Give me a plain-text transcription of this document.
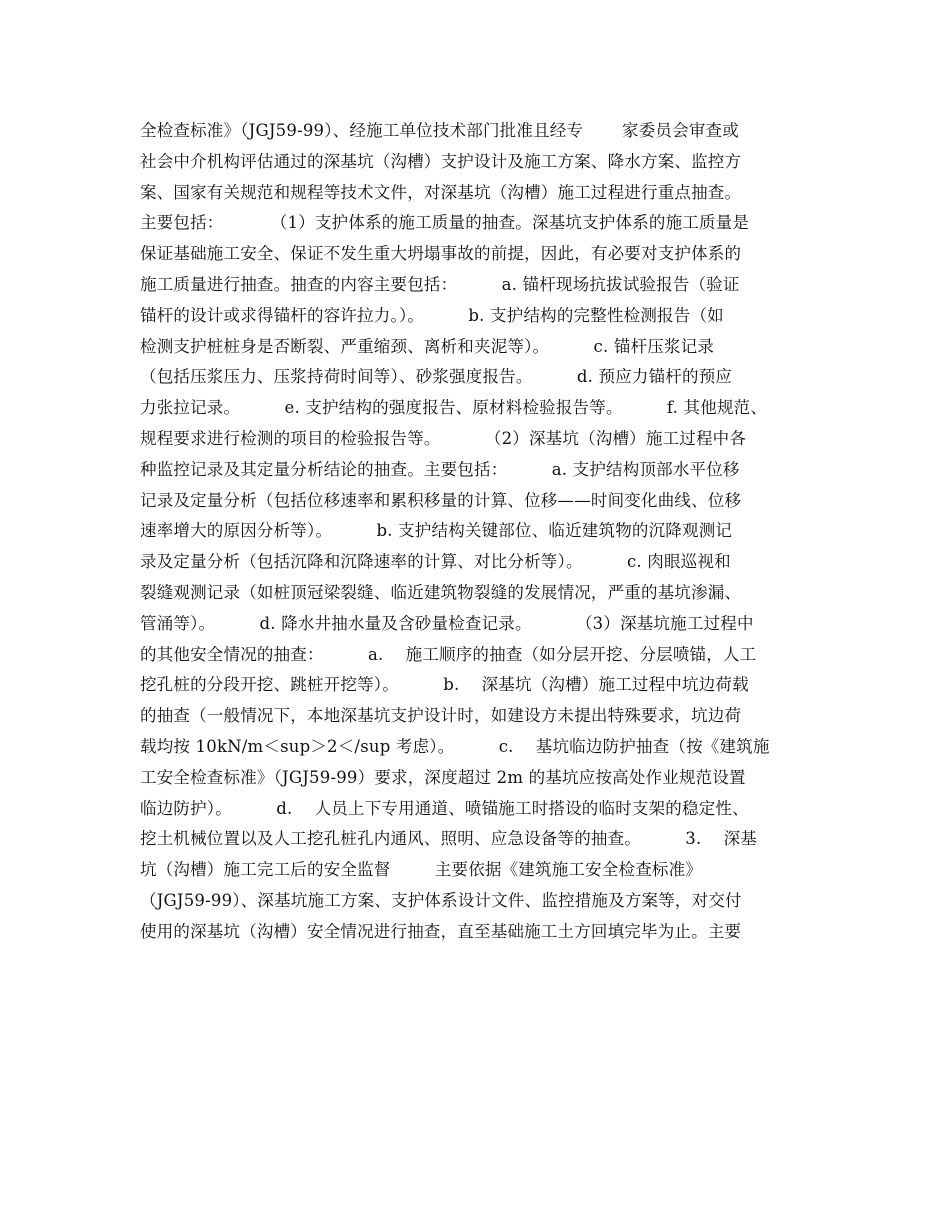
全检查标准》（JGJ59-99）、经施工单位技术部门批准且经专 　　家委员会审查或
社会中介机构评估通过的深基坑（沟槽）支护设计及施工方案、降水方案、监控方
案、国家有关规范和规程等技术文件，对深基坑（沟槽）施工过程进行重点抽查。
主要包括： 　　　（1）支护体系的施工质量的抽查。深基坑支护体系的施工质量是
保证基础施工安全、保证不发生重大坍塌事故的前提，因此，有必要对支护体系的
施工质量进行抽查。抽查的内容主要包括： 　　 a. 锚杆现场抗拔试验报告（验证
锚杆的设计或求得锚杆的容许拉力。）。 　　 b. 支护结构的完整性检测报告（如
检测支护桩桩身是否断裂、严重缩颈、离析和夹泥等）。 　　 c. 锚杆压浆记录
（包括压浆压力、压浆持荷时间等）、砂浆强度报告。 　　 d. 预应力锚杆的预应
力张拉记录。 　　 e. 支护结构的强度报告、原材料检验报告等。 　　 f. 其他规范、
规程要求进行检测的项目的检验报告等。 　　 （2）深基坑（沟槽）施工过程中各
种监控记录及其定量分析结论的抽查。主要包括： 　　 a. 支护结构顶部水平位移
记录及定量分析（包括位移速率和累积移量的计算、位移——时间变化曲线、位移
速率增大的原因分析等）。 　　 b. 支护结构关键部位、临近建筑物的沉降观测记
录及定量分析（包括沉降和沉降速率的计算、对比分析等）。 　　 c. 肉眼巡视和
裂缝观测记录（如桩顶冠梁裂缝、临近建筑物裂缝的发展情况，严重的基坑渗漏、
管涌等）。 　　 d. 降水井抽水量及含砂量检查记录。 　　 （3）深基坑施工过程中
的其他安全情况的抽查： 　　 a. 　施工顺序的抽查（如分层开挖、分层喷锚，人工
挖孔桩的分段开挖、跳桩开挖等）。 　　 b. 　深基坑（沟槽）施工过程中坑边荷载
的抽查（一般情况下，本地深基坑支护设计时，如建设方未提出特殊要求，坑边荷
载均按 10kN/m＜sup＞2＜/sup 考虑）。 　　 c. 　基坑临边防护抽查（按《建筑施
工安全检查标准》（JGJ59-99）要求，深度超过 2m 的基坑应按高处作业规范设置
临边防护）。 　　 d. 　人员上下专用通道、喷锚施工时搭设的临时支架的稳定性、
挖土机械位置以及人工挖孔桩孔内通风、照明、应急设备等的抽查。 　　 3. 　深基
坑（沟槽）施工完工后的安全监督 　　 主要依据《建筑施工安全检查标准》
（JGJ59-99）、深基坑施工方案、支护体系设计文件、监控措施及方案等，对交付
使用的深基坑（沟槽）安全情况进行抽查，直至基础施工土方回填完毕为止。主要
